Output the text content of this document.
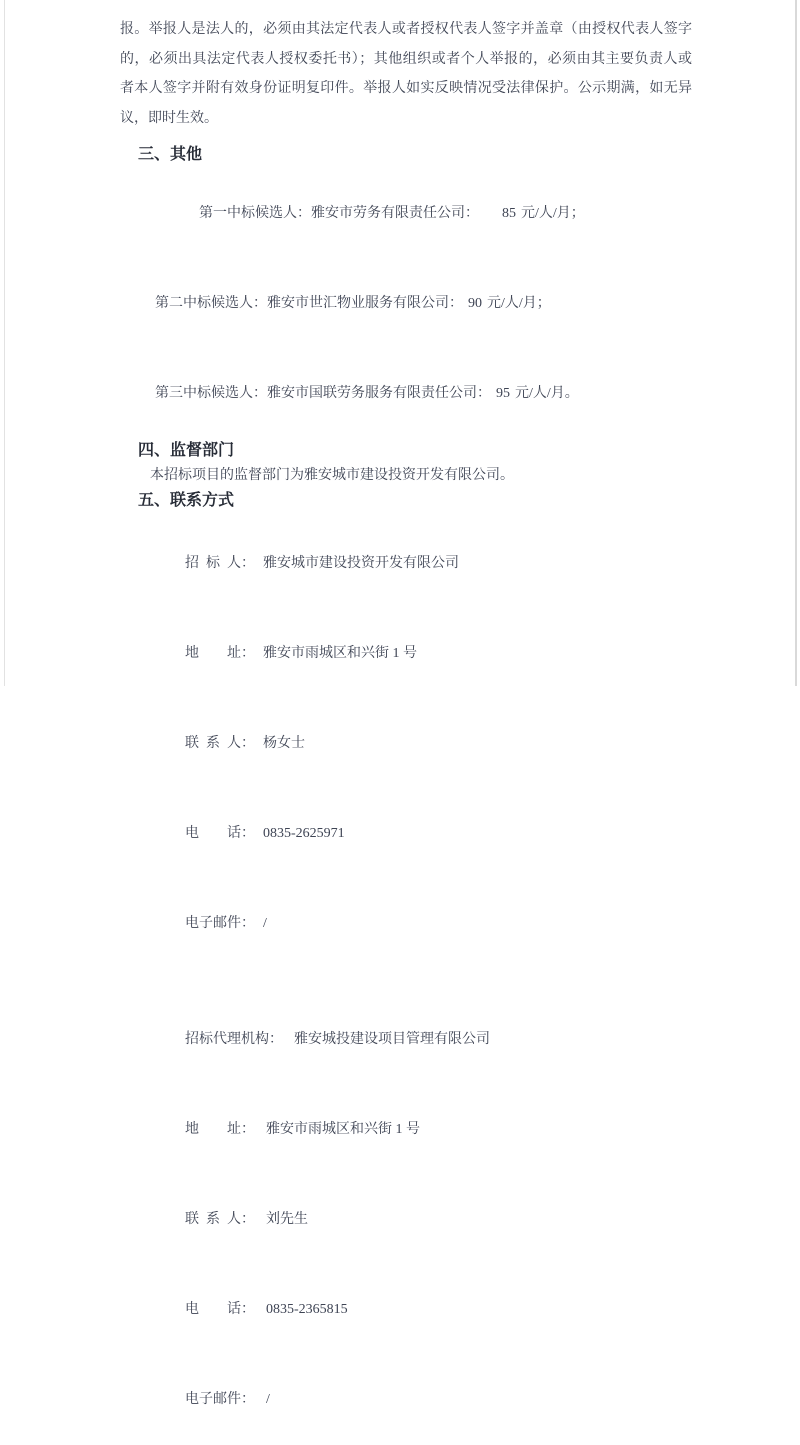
报。举报人是法人的，必须由其法定代表人或者授权代表人签字并盖章（由授权代表人签字
的，必须出具法定代表人授权委托书）；其他组织或者个人举报的，必须由其主要负责人或
者本人签字并附有效身份证明复印件。举报人如实反映情况受法律保护。公示期满，如无异
议，即时生效。
三、其他

第一中标候选人：雅安市劳务有限责任公司： 85 元/人/月；

第二中标候选人：雅安市世汇物业服务有限公司： 90 元/人/月；

第三中标候选人：雅安市国联劳务服务有限责任公司： 95 元/人/月。

四、监督部门
本招标项目的监督部门为雅安城市建设投资开发有限公司。
五、联系方式

招标人： 雅安城市建设投资开发有限公司

地址： 雅安市雨城区和兴街 1 号

联系人： 杨女士

电话： 0835-2625971

电子邮件： /

招标代理机构： 雅安城投建设项目管理有限公司

地址： 雅安市雨城区和兴街 1 号

联系人： 刘先生

电话： 0835-2365815

电子邮件： /
